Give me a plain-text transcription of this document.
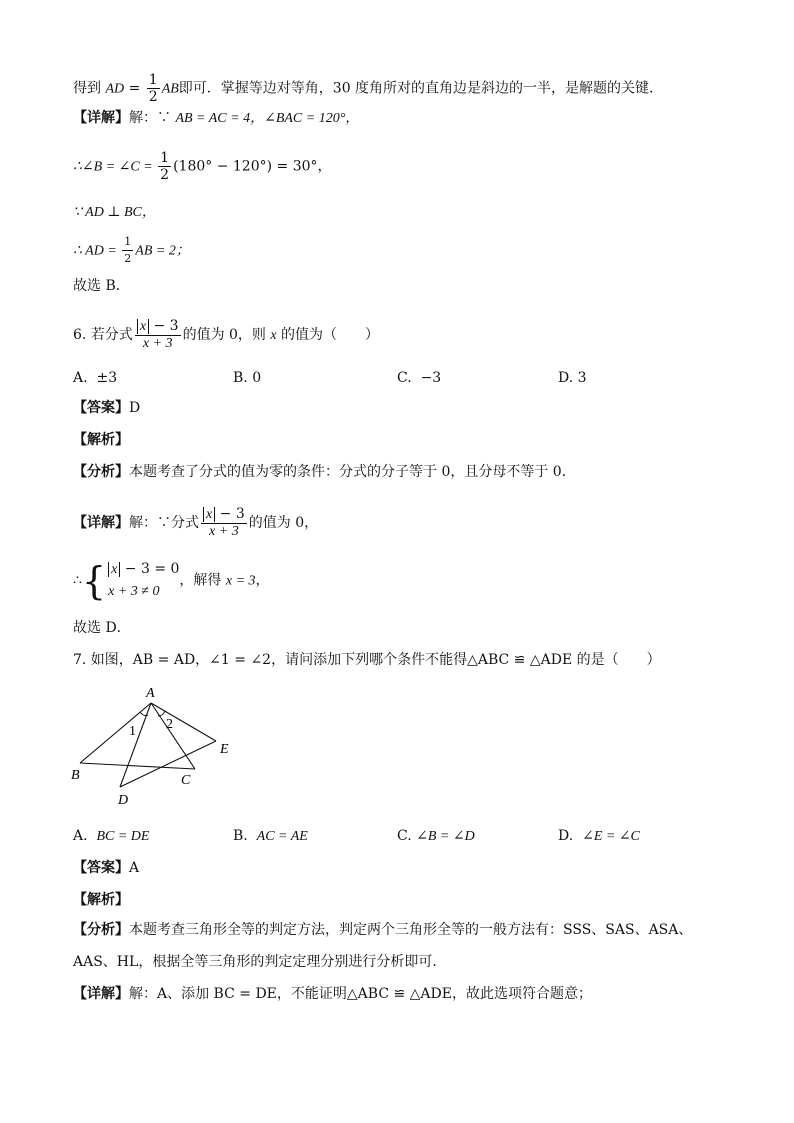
得到 AD = $\frac{1}{2}$ AB即可．掌握等边对等角，30 度角所对的直角边是斜边的一半，是解题的关键．
【详解】解：∵ AB = AC = 4，∠BAC = 120°，
∴∠B = ∠C = $\frac{1}{2} (180^\circ - 120^\circ) = 30^\circ$，
∵ AD ⊥ BC，
∴ AD = $\frac{1}{2}$ AB = 2；
故选 B．
6. 若分式 $\frac{x - 3}{x + 3}$ 的值为 0，则 x 的值为（　　）
A. ±3	B. 0	C. −3	D. 3
【答案】D
【解析】
【分析】本题考查了分式的值为零的条件：分式的分子等于 0，且分母不等于 0．
【详解】解：∵分式 $\frac{x - 3}{x + 3}$ 的值为 0，
∴{ x − 3 = 0
x + 3 ≠ 0
，解得 x = 3，
故选 D．
7. 如图，AB = AD，∠1 = ∠2，请问添加下列哪个条件不能得△ABC ≌ △ADE 的是（　　）
A
B	C
D
E
1 2
A. BC = DE	B. AC = AE	C. ∠B = ∠D	D. ∠E = ∠C
【答案】A
【解析】
【分析】本题考查三角形全等的判定方法，判定两个三角形全等的一般方法有：SSS、SAS、ASA、
AAS、HL，根据全等三角形的判定定理分别进行分析即可．
【详解】解：A、添加 BC = DE，不能证明△ABC ≌ △ADE，故此选项符合题意；
